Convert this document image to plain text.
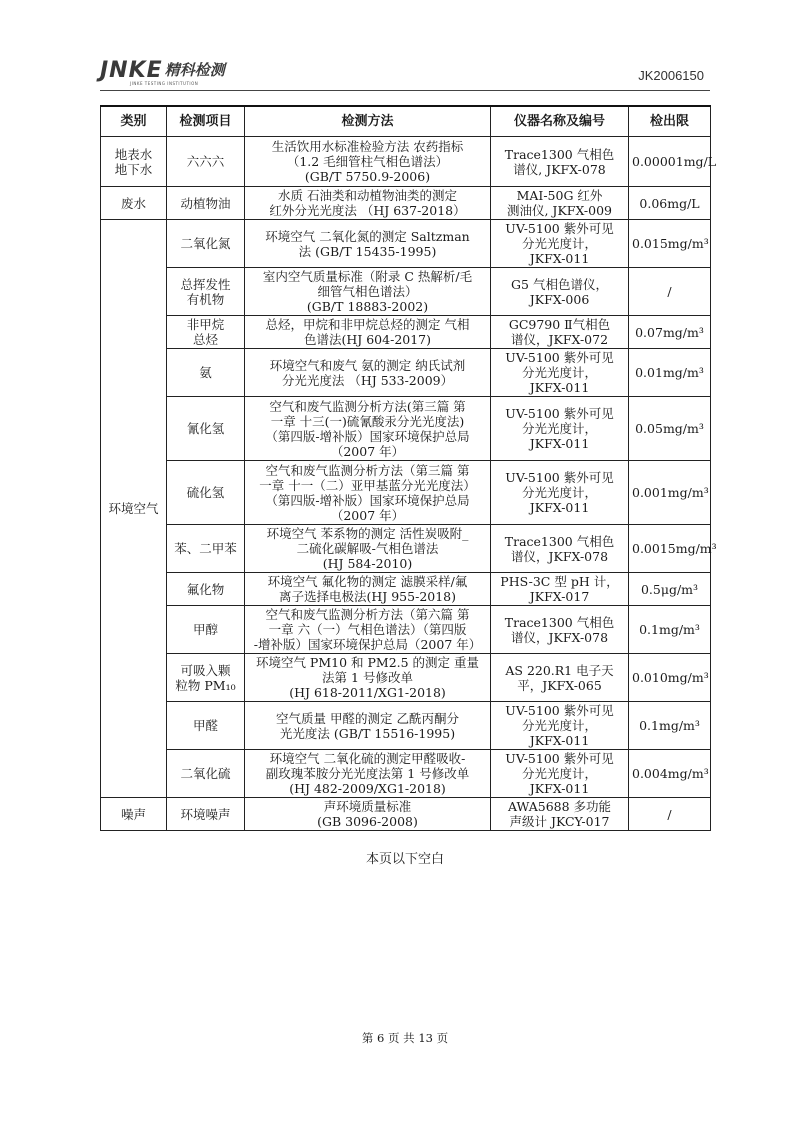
JNKE 精科检测
JINKE TESTING INSTITUTION
JK2006150
类别	检测项目	检测方法	仪器名称及编号	检出限

地表水
地下水	六六六	生活饮用水标准检验方法 农药指标
（1.2 毛细管柱气相色谱法）
(GB/T 5750.9-2006)	Trace1300 气相色
谱仪, JKFX-078	0.00001mg/L

废水	动植物油	水质 石油类和动植物油类的测定
红外分光光度法 （HJ 637-2018）	MAI-50G 红外
测油仪, JKFX-009	0.06mg/L

环境空气	二氧化氮	环境空气 二氧化氮的测定 Saltzman
法 (GB/T 15435-1995)	UV-5100 紫外可见
分光光度计，
JKFX-011	0.015mg/m³

	总挥发性
有机物	室内空气质量标准（附录 C 热解析/毛
细管气相色谱法）
(GB/T 18883-2002)	G5 气相色谱仪，
JKFX-006	/

	非甲烷
总烃	总烃，甲烷和非甲烷总烃的测定 气相
色谱法(HJ 604-2017)	GC9790 Ⅱ气相色
谱仪，JKFX-072	0.07mg/m³

	氨	环境空气和废气 氨的测定 纳氏试剂
分光光度法 （HJ 533-2009）	UV-5100 紫外可见
分光光度计，
JKFX-011	0.01mg/m³

	氰化氢	空气和废气监测分析方法(第三篇 第
一章 十三(一)硫氰酸汞分光光度法)
（第四版-增补版）国家环境保护总局
（2007 年）	UV-5100 紫外可见
分光光度计，
JKFX-011	0.05mg/m³

	硫化氢	空气和废气监测分析方法（第三篇 第
一章 十一（二）亚甲基蓝分光光度法）
（第四版-增补版）国家环境保护总局
（2007 年）	UV-5100 紫外可见
分光光度计，
JKFX-011	0.001mg/m³

	苯、二甲苯	环境空气 苯系物的测定 活性炭吸附_
二硫化碳解吸-气相色谱法
(HJ 584-2010)	Trace1300 气相色
谱仪，JKFX-078	0.0015mg/m³

	氟化物	环境空气 氟化物的测定 滤膜采样/氟
离子选择电极法(HJ 955-2018)	PHS-3C 型 pH 计，
JKFX-017	0.5μg/m³

	甲醇	空气和废气监测分析方法（第六篇 第
一章 六（一）气相色谱法）（第四版
-增补版）国家环境保护总局（2007 年）	Trace1300 气相色
谱仪，JKFX-078	0.1mg/m³

	可吸入颗
粒物 PM₁₀	环境空气 PM10 和 PM2.5 的测定 重量
法第 1 号修改单
(HJ 618-2011/XG1-2018)	AS 220.R1 电子天
平，JKFX-065	0.010mg/m³

	甲醛	空气质量 甲醛的测定 乙酰丙酮分
光光度法 (GB/T 15516-1995)	UV-5100 紫外可见
分光光度计，
JKFX-011	0.1mg/m³

	二氧化硫	环境空气 二氧化硫的测定甲醛吸收-
副玫瑰苯胺分光光度法第 1 号修改单
(HJ 482-2009/XG1-2018)	UV-5100 紫外可见
分光光度计，
JKFX-011	0.004mg/m³

噪声	环境噪声	声环境质量标准
(GB 3096-2008)	AWA5688 多功能
声级计 JKCY-017	/
本页以下空白
第 6 页 共 13 页
